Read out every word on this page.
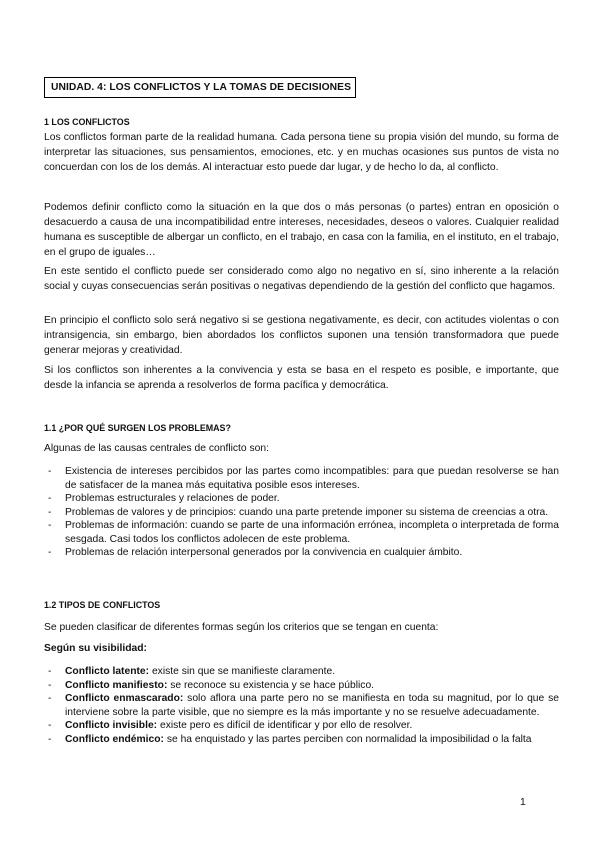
UNIDAD. 4: LOS CONFLICTOS Y LA TOMAS DE DECISIONES
1 LOS CONFLICTOS

Los conflictos forman parte de la realidad humana. Cada persona tiene su propia visión del mundo, su forma de interpretar las situaciones, sus pensamientos, emociones, etc. y en muchas ocasiones sus puntos de vista no concuerdan con los de los demás. Al interactuar esto puede dar lugar, y de hecho lo da, al conflicto.

Podemos definir conflicto como la situación en la que dos o más personas (o partes) entran en oposición o desacuerdo a causa de una incompatibilidad entre intereses, necesidades, deseos o valores. Cualquier realidad humana es susceptible de albergar un conflicto, en el trabajo, en casa con la familia, en el instituto, en el trabajo, en el grupo de iguales…

En este sentido el conflicto puede ser considerado como algo no negativo en sí, sino inherente a la relación social y cuyas consecuencias serán positivas o negativas dependiendo de la gestión del conflicto que hagamos.

En principio el conflicto solo será negativo si se gestiona negativamente, es decir, con actitudes violentas o con intransigencia, sin embargo, bien abordados los conflictos suponen una tensión transformadora que puede generar mejoras y creatividad.

Si los conflictos son inherentes a la convivencia y esta se basa en el respeto es posible, e importante, que desde la infancia se aprenda a resolverlos de forma pacífica y democrática.

1.1 ¿POR QUÉ SURGEN LOS PROBLEMAS?
Algunas de las causas centrales de conflicto son:
- Existencia de intereses percibidos por las partes como incompatibles: para que puedan resolverse se han de satisfacer de la manea más equitativa posible esos intereses.
- Problemas estructurales y relaciones de poder.
- Problemas de valores y de principios: cuando una parte pretende imponer su sistema de creencias a otra.
- Problemas de información: cuando se parte de una información errónea, incompleta o interpretada de forma sesgada. Casi todos los conflictos adolecen de este problema.
- Problemas de relación interpersonal generados por la convivencia en cualquier ámbito.
1.2 TIPOS DE CONFLICTOS
Se pueden clasificar de diferentes formas según los criterios que se tengan en cuenta:
Según su visibilidad:
- Conflicto latente: existe sin que se manifieste claramente.
- Conflicto manifiesto: se reconoce su existencia y se hace público.
- Conflicto enmascarado: solo aflora una parte pero no se manifiesta en toda su magnitud, por lo que se interviene sobre la parte visible, que no siempre es la más importante y no se resuelve adecuadamente.
- Conflicto invisible: existe pero es difícil de identificar y por ello de resolver.
- Conflicto endémico: se ha enquistado y las partes perciben con normalidad la imposibilidad o la falta
1
